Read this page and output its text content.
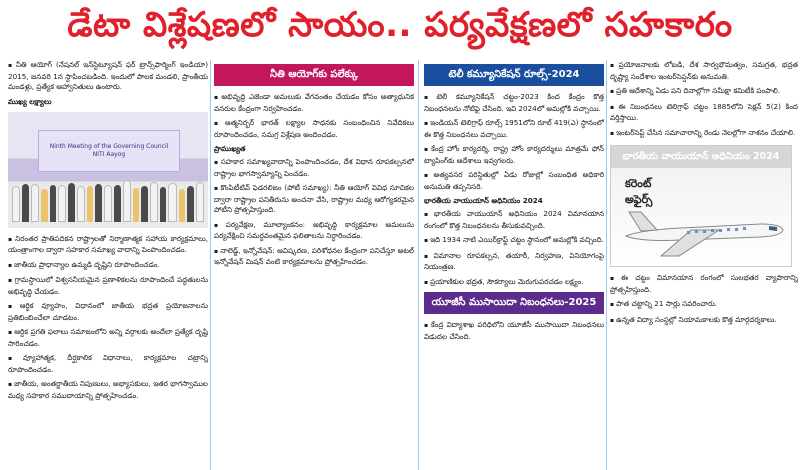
డేటా విశ్లేషణలో సాయం.. పర్యవేక్షణలో సహకారం

▪ నీతి ఆయోగ్ (నేషనల్ ఇన్‌స్టిట్యూషన్ ఫర్ ట్రాన్స్‌ఫార్మింగ్ ఇండియా) 2015, జనవరి 1న స్థాపించబడింది. ఇందులో పాలక మండలి, ప్రాంతీయ మండళ్లు, ప్రత్యేక ఆహ్వానితులు ఉంటారు.

ముఖ్య లక్ష్యాలు
Ninth Meeting of the Governing Council
NITI Aayog

▪ నిరంతర ప్రాతిపదికన రాష్ట్రాలతో నిర్మాణాత్మక సహాయ కార్యక్రమాలు, యంత్రాంగాల ద్వారా సహకార సమాఖ్య వాదాన్ని పెంపొందించడం.

▪ జాతీయ ప్రాధాన్యాల ఉమ్మడి దృష్టిని రూపొందించడం.

▪ గ్రామస్థాయిలో విశ్వసనీయమైన ప్రణాళికలను రూపొందించే పద్ధతులను అభివృద్ధి చేయడం.

▪ ఆర్థిక వ్యూహం, విధానంలో జాతీయ భద్రత ప్రయోజనాలను ప్రతిబింబించేలా చూడటం.

▪ ఆర్థిక ప్రగతి ఫలాలు సమాజంలోని అన్ని వర్గాలకు అందేలా ప్రత్యేక దృష్టి సారించడం.

▪ వ్యూహాత్మక, దీర్ఘకాలిక విధానాలు, కార్యక్రమాల చట్రాన్ని రూపొందించడం.

▪ జాతీయ, అంతర్జాతీయ నిపుణులు, అభ్యాసకులు, ఇతర భాగస్వాముల మధ్య సహకార సముదాయాన్ని ప్రోత్సహించడం.

నీతి ఆయోగ్‌కు పలేక్కు

▪ అభివృద్ధి ఎజెండా అమలుకు వేగవంతం చేయడం కోసం అత్యాధునిక వనరుల కేంద్రంగా నిర్వహించడం.

▪ ఆత్మనిర్భర్ భారత్ లక్ష్యాల సాధనకు సంబంధించిన నివేదికలు రూపొందించడం, సమగ్ర విశ్లేషణ అందించడం.

ప్రాముఖ్యత

▪ సహకార సమాఖ్యవాదాన్ని పెంపొందించడం, దేశ విధాన రూపకల్పనలో రాష్ట్రాల భాగస్వామ్యాన్ని పెంచడం.

▪ కొంపిటీటివ్ ఫెడరలిజం (పోటీ సమాఖ్య): నీతి ఆయోగ్ వివిధ సూచికల ద్వారా రాష్ట్రాల పనితీరును అంచనా వేసి, రాష్ట్రాల మధ్య ఆరోగ్యకరమైన పోటీని ప్రోత్సహిస్తుంది.

▪ పర్యవేక్షణ, మూల్యాంకనం: అభివృద్ధి కార్యక్రమాల అమలును పర్యవేక్షించి సమర్థవంతమైన ఫలితాలను నిర్ధారించడం.

▪ నాలెడ్జ్, ఇన్నోవేషన్: ఆవిష్కరణ, పరిశోధనల కేంద్రంగా పనిచేస్తూ అటల్ ఇన్నోవేషన్ మిషన్ వంటి కార్యక్రమాలను ప్రోత్సహించడం.

టెలీ కమ్యూనికేషన్ రూల్స్-2024

▪ టెలీ కమ్యూనికేషన్ చట్టం-2023 కింద కేంద్రం కొత్త నిబంధనలను నోటిఫై చేసింది. ఇవి 2024లో అమల్లోకి వచ్చాయి.

▪ ఇండియన్ టెలిగ్రాఫ్ రూల్స్ 1951లోని రూల్ 419(ఎ) స్థానంలో ఈ కొత్త నిబంధనలు వచ్చాయి.

▪ కేంద్ర హోం కార్యదర్శి, రాష్ట్ర హోం కార్యదర్శులు మాత్రమే ఫోన్ ట్యాపింగ్‌కు ఆదేశాలు ఇవ్వగలరు.

▪ అత్యవసర పరిస్థితుల్లో ఏడు రోజుల్లో సంబంధిత అధికారి అనుమతి తప్పనిసరి.

భారతీయ వాయుయాన్ అధినియం 2024

▪ భారతీయ వాయుయాన్ అధినియం 2024 విమానయాన రంగంలో కొత్త నిబంధనలను తీసుకువచ్చింది.

▪ ఇది 1934 నాటి ఎయిర్‌క్రాఫ్ట్ చట్టం స్థానంలో అమల్లోకి వచ్చింది.

▪ విమానాల రూపకల్పన, తయారీ, నిర్వహణ, వినియోగంపై నియంత్రణ.

▪ ప్రయాణికుల భద్రత, సౌకర్యాలు మెరుగుపరచడం లక్ష్యం.

యూజీసీ ముసాయిదా నిబంధనలు-2025

▪ కేంద్ర విద్యాశాఖ పరిధిలోని యూజీసీ ముసాయిదా నిబంధనలు విడుదల చేసింది.

▪ ప్రయోజనాలకు లోబడి, దేశ సార్వభౌమత్వం, సమగ్రత, భద్రత దృష్ట్యా సందేశాల ఇంటర్‌సెప్షన్‌కు అనుమతి.

▪ ప్రతి ఆదేశాన్ని ఏడు పని దినాల్లోగా సమీక్షా కమిటీకి పంపాలి.

▪ ఈ నిబంధనలు టెలిగ్రాఫ్ చట్టం 1885లోని సెక్షన్ 5(2) కింద వర్తిస్తాయి.

▪ ఇంటర్‌సెప్ట్ చేసిన సమాచారాన్ని రెండు నెలల్లోగా నాశనం చేయాలి.

భారతీయ వాయుయాన్ అధినియం 2024
కరెంట్
అఫైర్స్

▪ ఈ చట్టం విమానయాన రంగంలో సులభతర వ్యాపారాన్ని ప్రోత్సహిస్తుంది.

▪ పాత చట్టాన్ని 21 సార్లు సవరించారు.

▪ ఉన్నత విద్యా సంస్థల్లో నియామకాలకు కొత్త మార్గదర్శకాలు.
